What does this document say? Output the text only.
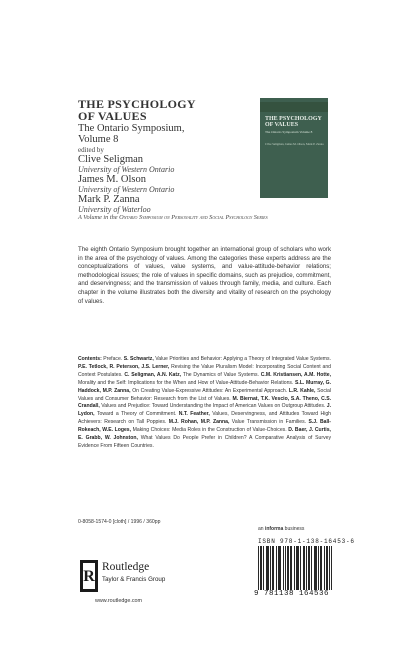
THE PSYCHOLOGY
OF VALUES
The Ontario Symposium,
Volume 8
edited by
Clive Seligman
University of Western Ontario
James M. Olson
University of Western Ontario
Mark P. Zanna
University of Waterloo
A Volume in the Ontario Symposium on Personality and Social Psychology Series
THE PSYCHOLOGY OF VALUES
The Ontario Symposium Volume 8
Clive Seligman, James M. Olson, Mark P. Zanna
The eighth Ontario Symposium brought together an international group of scholars who work in the area of the psychology of values. Among the categories these experts address are the conceptualizations of values, value systems, and value-attitude-behavior relations; methodological issues; the role of values in specific domains, such as prejudice, commitment, and deservingness; and the transmission of values through family, media, and culture. Each chapter in the volume illustrates both the diversity and vitality of research on the psychology of values.
Contents: Preface. S. Schwartz, Value Priorities and Behavior: Applying a Theory of Integrated Value Systems. P.E. Tetlock, R. Peterson, J.S. Lerner, Revising the Value Pluralism Model: Incorporating Social Content and Context Postulates. C. Seligman, A.N. Katz, The Dynamics of Value Systems. C.M. Kristiansen, A.M. Hotte, Morality and the Self: Implications for the When and How of Value-Attitude-Behavior Relations. S.L. Murray, G. Haddock, M.P. Zanna, On Creating Value-Expressive Attitudes: An Experimental Approach. L.R. Kahle, Social Values and Consumer Behavior: Research from the List of Values. M. Biernat, T.K. Vescio, S.A. Theno, C.S. Crandall, Values and Prejudice: Toward Understanding the Impact of American Values on Outgroup Attitudes. J. Lydon, Toward a Theory of Commitment. N.T. Feather, Values, Deservingness, and Attitudes Toward High Achievers: Research on Tall Poppies. M.J. Rohan, M.P. Zanna, Value Transmission in Families. S.J. Ball-Rokeach, W.E. Loges, Making Choices: Media Roles in the Construction of Value-Choices. D. Baer, J. Curtis, E. Grabb, W. Johnston, What Values Do People Prefer in Children? A Comparative Analysis of Survey Evidence From Fifteen Countries.
0-8058-1574-0 [cloth] / 1996 / 360pp
an informa business
ISBN 978-1-138-16453-6
9 781138 164536
R
Routledge
Taylor & Francis Group
www.routledge.com
